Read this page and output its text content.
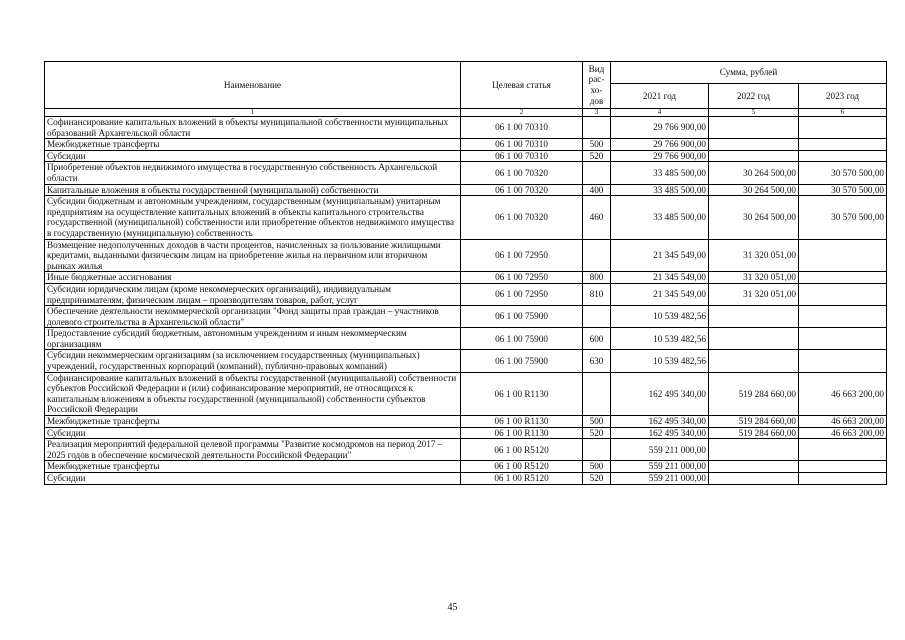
Наименование	Целевая статья	Вид рас-хо-дов	Сумма, рублей		
			2021 год	2022 год	2023 год
1	2	3	4	5	6
Софинансирование капитальных вложений в объекты муниципальной собственности муниципальных образований Архангельской области	06 1 00 70310		29 766 900,00		
Межбюджетные трансферты	06 1 00 70310	500	29 766 900,00		
Субсидии	06 1 00 70310	520	29 766 900,00		
Приобретение объектов недвижимого имущества в государственную собственность Архангельской области	06 1 00 70320		33 485 500,00	30 264 500,00	30 570 500,00
Капитальные вложения в объекты государственной (муниципальной) собственности	06 1 00 70320	400	33 485 500,00	30 264 500,00	30 570 500,00
Субсидии бюджетным и автономным учреждениям, государственным (муниципальным) унитарным предприятиям на осуществление капитальных вложений в объекты капитального строительства государственной (муниципальной) собственности или приобретение объектов недвижимого имущества в государственную (муниципальную) собственность	06 1 00 70320	460	33 485 500,00	30 264 500,00	30 570 500,00
Возмещение недополученных доходов в части процентов, начисленных за пользование жилищными кредитами, выданными физическим лицам на приобретение жилья на первичном или вторичном рынках жилья	06 1 00 72950		21 345 549,00	31 320 051,00	
Иные бюджетные ассигнования	06 1 00 72950	800	21 345 549,00	31 320 051,00	
Субсидии юридическим лицам (кроме некоммерческих организаций), индивидуальным предпринимателям, физическим лицам – производителям товаров, работ, услуг	06 1 00 72950	810	21 345 549,00	31 320 051,00	
Обеспечение деятельности некоммерческой организации "Фонд защиты прав граждан – участников долевого строительства в Архангельской области"	06 1 00 75900		10 539 482,56		
Предоставление субсидий бюджетным, автономным учреждениям и иным некоммерческим организациям	06 1 00 75900	600	10 539 482,56		
Субсидии некоммерческим организациям (за исключением государственных (муниципальных) учреждений, государственных корпораций (компаний), публично-правовых компаний)	06 1 00 75900	630	10 539 482,56		
Софинансирование капитальных вложений в объекты государственной (муниципальной) собственности субъектов Российской Федерации и (или) софинансирование мероприятий, не относящихся к капитальным вложениям в объекты государственной (муниципальной) собственности субъектов Российской Федерации	06 1 00 R1130		162 495 340,00	519 284 660,00	46 663 200,00
Межбюджетные трансферты	06 1 00 R1130	500	162 495 340,00	519 284 660,00	46 663 200,00
Субсидии	06 1 00 R1130	520	162 495 340,00	519 284 660,00	46 663 200,00
Реализация мероприятий федеральной целевой программы "Развитие космодромов на период 2017 – 2025 годов в обеспечение космической деятельности Российской Федерации"	06 1 00 R5120		559 211 000,00		
Межбюджетные трансферты	06 1 00 R5120	500	559 211 000,00		
Субсидии	06 1 00 R5120	520	559 211 000,00		
45
